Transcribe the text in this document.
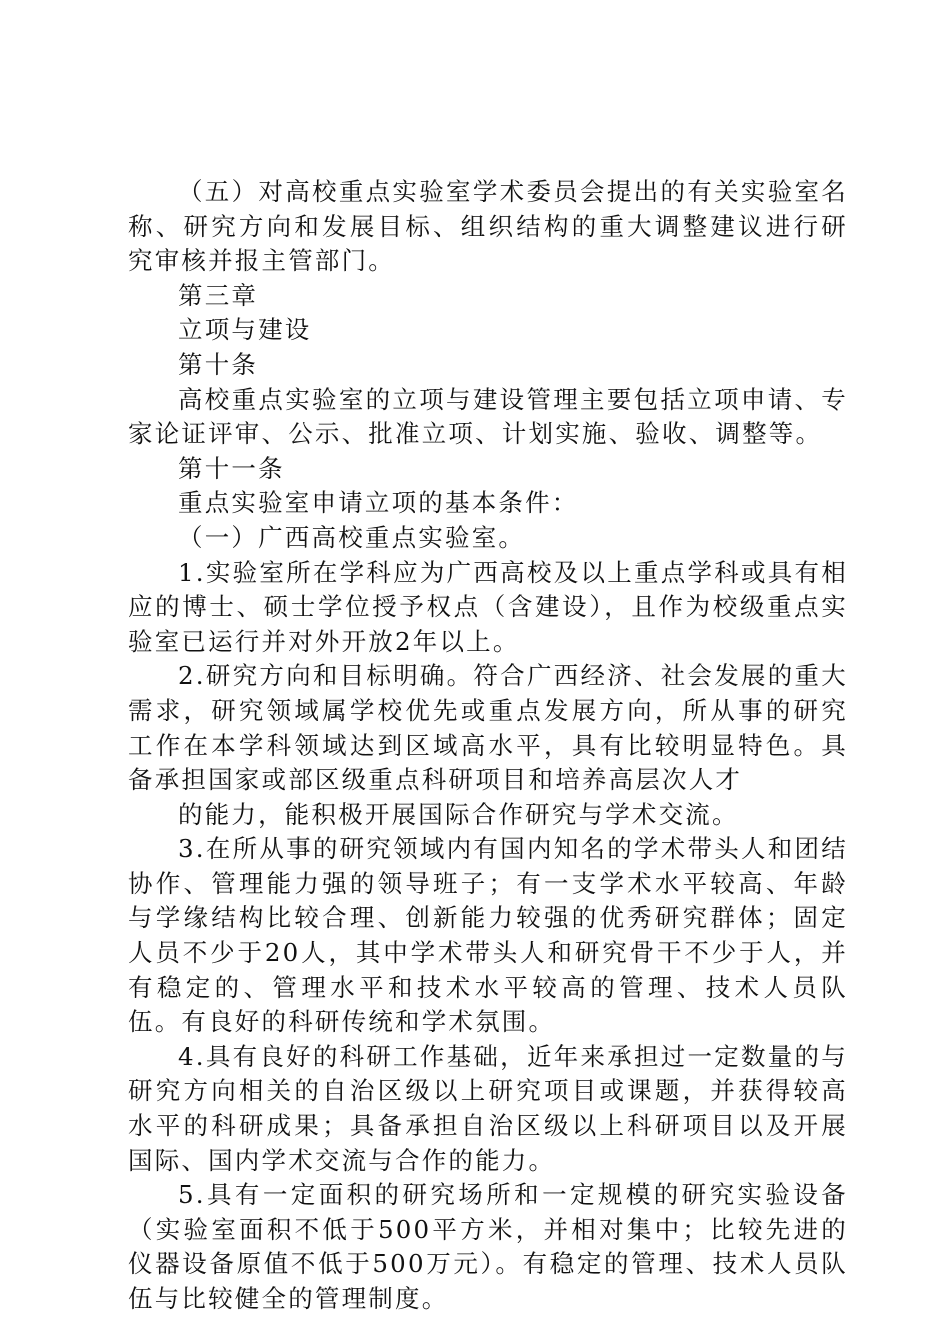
（五）对高校重点实验室学术委员会提出的有关实验室名称、研究方向和发展目标、组织结构的重大调整建议进行研究审核并报主管部门。

第三章

立项与建设

第十条

高校重点实验室的立项与建设管理主要包括立项申请、专家论证评审、公示、批准立项、计划实施、验收、调整等。

第十一条

重点实验室申请立项的基本条件：

（一）广西高校重点实验室。

1.实验室所在学科应为广西高校及以上重点学科或具有相应的博士、硕士学位授予权点（含建设），且作为校级重点实验室已运行并对外开放2年以上。

2.研究方向和目标明确。符合广西经济、社会发展的重大需求，研究领域属学校优先或重点发展方向，所从事的研究工作在本学科领域达到区域高水平，具有比较明显特色。具备承担国家或部区级重点科研项目和培养高层次人才

的能力，能积极开展国际合作研究与学术交流。

3.在所从事的研究领域内有国内知名的学术带头人和团结协作、管理能力强的领导班子；有一支学术水平较高、年龄与学缘结构比较合理、创新能力较强的优秀研究群体；固定人员不少于20人，其中学术带头人和研究骨干不少于人，并有稳定的、管理水平和技术水平较高的管理、技术人员队伍。有良好的科研传统和学术氛围。

4.具有良好的科研工作基础，近年来承担过一定数量的与研究方向相关的自治区级以上研究项目或课题，并获得较高水平的科研成果；具备承担自治区级以上科研项目以及开展国际、国内学术交流与合作的能力。

5.具有一定面积的研究场所和一定规模的研究实验设备（实验室面积不低于500平方米，并相对集中；比较先进的仪器设备原值不低于500万元）。有稳定的管理、技术人员队伍与比较健全的管理制度。
